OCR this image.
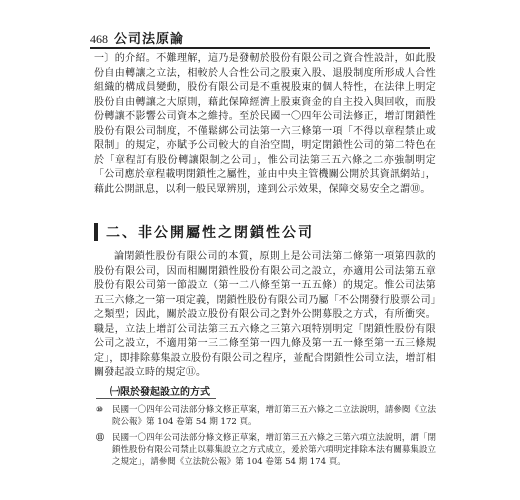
468 公司法原論

一〕的介紹。不難理解，這乃是發軔於股份有限公司之資合性設計，如此股份自由轉讓之立法，相較於人合性公司之股東入股、退股制度所形成人合性組織的構成員變動，股份有限公司是不重視股東的個人特性，在法律上明定股份自由轉讓之大原則，藉此保障經濟上股東資金的自主投入與回收，而股份轉讓不影響公司資本之維持。至於民國一〇四年公司法修正，增訂閉鎖性股份有限公司制度，不僅鬆綁公司法第一六三條第一項「不得以章程禁止或限制」的規定，亦賦予公司較大的自治空間，明定閉鎖性公司的第二特色在於「章程訂有股份轉讓限制之公司」，惟公司法第三五六條之二亦強制明定「公司應於章程載明閉鎖性之屬性，並由中央主管機關公開於其資訊網站」，藉此公開訊息，以利一般民眾辨別，達到公示效果，保障交易安全之謂⑩。

二、非公開屬性之閉鎖性公司

論閉鎖性股份有限公司的本質，原則上是公司法第二條第一項第四款的股份有限公司，因而相關閉鎖性股份有限公司之設立，亦適用公司法第五章股份有限公司第一節設立（第一二八條至第一五五條）的規定。惟公司法第五三六條之一第一項定義，閉鎖性股份有限公司乃屬「不公開發行股票公司」之類型；因此，關於設立股份有限公司之對外公開募股之方式，有所衝突。職是，立法上增訂公司法第三五六條之三第六項特別明定「閉鎖性股份有限公司之設立，不適用第一三二條至第一四九條及第一五一條至第一五三條規定」，即排除募集設立股份有限公司之程序，並配合閉鎖性公司立法，增訂相關發起設立時的規定⑪。

㈠限於發起設立的方式
⑩	民國一〇四年公司法部分條文修正草案，增訂第三五六條之二立法說明，請參閱《立法院公報》第 104 卷第 54 期 172 頁。
⑪ 民國一〇四年公司法部分條文修正草案，增訂第三五六條之三第六項立法說明，謂「閉鎖性股份有限公司禁止以募集設立之方式成立，爰於第六項明定排除本法有關募集設立之規定」，請參閱《立法院公報》第 104 卷第 54 期 174 頁。
